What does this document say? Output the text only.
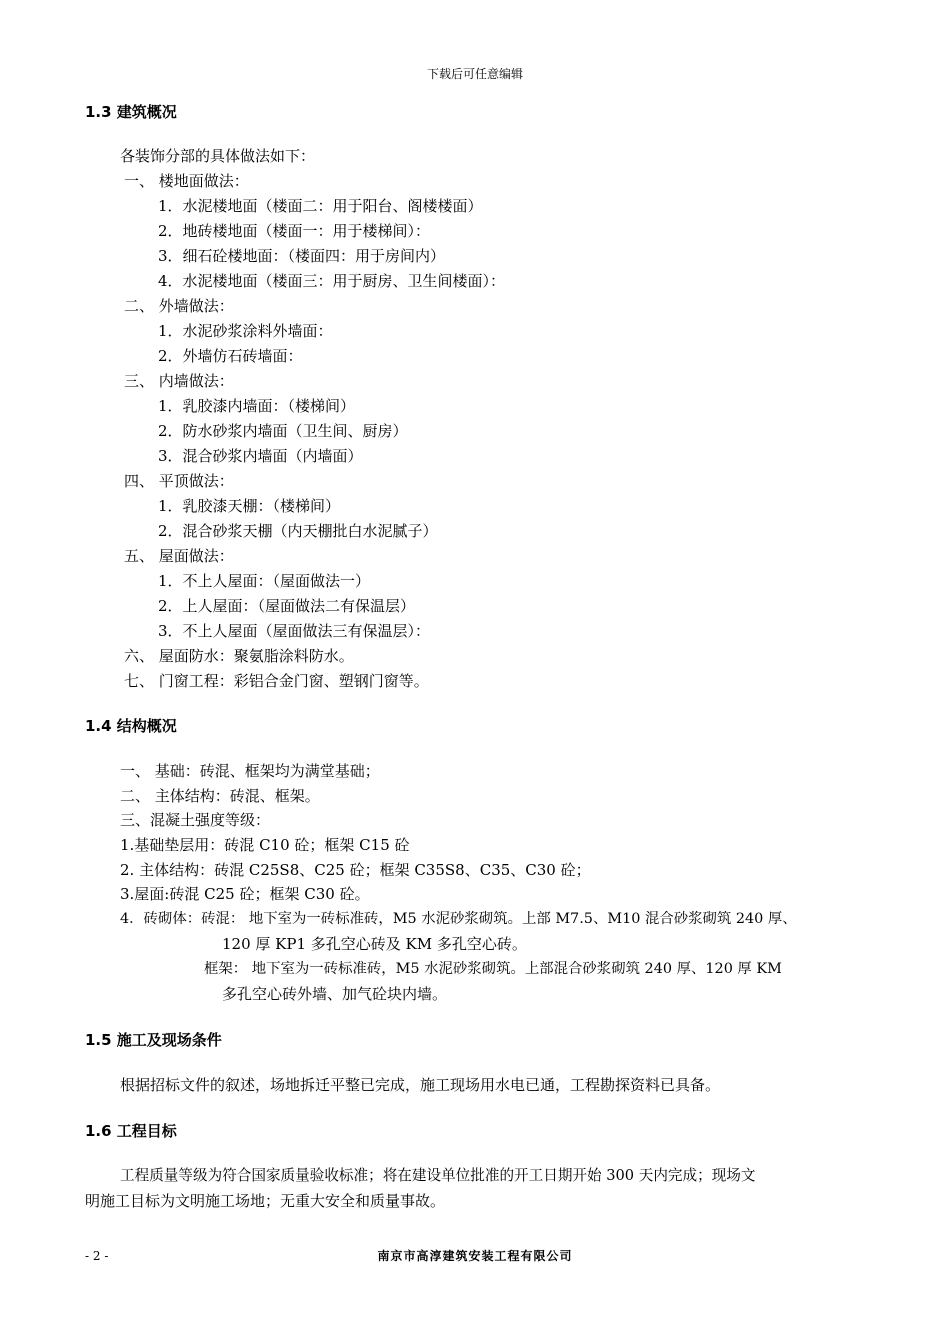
下载后可任意编辑
1.3 建筑概况
各装饰分部的具体做法如下：
一、 楼地面做法：
1．水泥楼地面（楼面二：用于阳台、阁楼楼面）
2．地砖楼地面（楼面一：用于楼梯间）：
3．细石砼楼地面：（楼面四：用于房间内）
4．水泥楼地面（楼面三：用于厨房、卫生间楼面）：
二、 外墙做法：
1．水泥砂浆涂料外墙面：
2．外墙仿石砖墙面：
三、 内墙做法：
1．乳胶漆内墙面：（楼梯间）
2．防水砂浆内墙面（卫生间、厨房）
3．混合砂浆内墙面（内墙面）
四、 平顶做法：
1．乳胶漆天棚：（楼梯间）
2．混合砂浆天棚（内天棚批白水泥腻子）
五、 屋面做法：
1．不上人屋面：（屋面做法一）
2．上人屋面：（屋面做法二有保温层）
3．不上人屋面（屋面做法三有保温层）：
六、 屋面防水：聚氨脂涂料防水。
七、 门窗工程：彩铝合金门窗、塑钢门窗等。
1.4 结构概况
一、 基础：砖混、框架均为满堂基础；
二、 主体结构：砖混、框架。
三、混凝土强度等级：
1.基础垫层用：砖混 C10 砼；框架 C15 砼
2. 主体结构：砖混 C25S8、C25 砼；框架 C35S8、C35、C30 砼；
3.屋面:砖混 C25 砼；框架 C30 砼。
4．砖砌体：砖混： 地下室为一砖标准砖，M5 水泥砂浆砌筑。上部 M7.5、M10 混合砂浆砌筑 240 厚、
120 厚 KP1 多孔空心砖及 KM 多孔空心砖。
框架： 地下室为一砖标准砖，M5 水泥砂浆砌筑。上部混合砂浆砌筑 240 厚、120 厚 KM
多孔空心砖外墙、加气砼块内墙。
1.5 施工及现场条件
根据招标文件的叙述，场地拆迁平整已完成，施工现场用水电已通，工程勘探资料已具备。
1.6 工程目标
工程质量等级为符合国家质量验收标准；将在建设单位批准的开工日期开始 300 天内完成；现场文
明施工目标为文明施工场地；无重大安全和质量事故。
- 2 -	南京市高淳建筑安装工程有限公司
